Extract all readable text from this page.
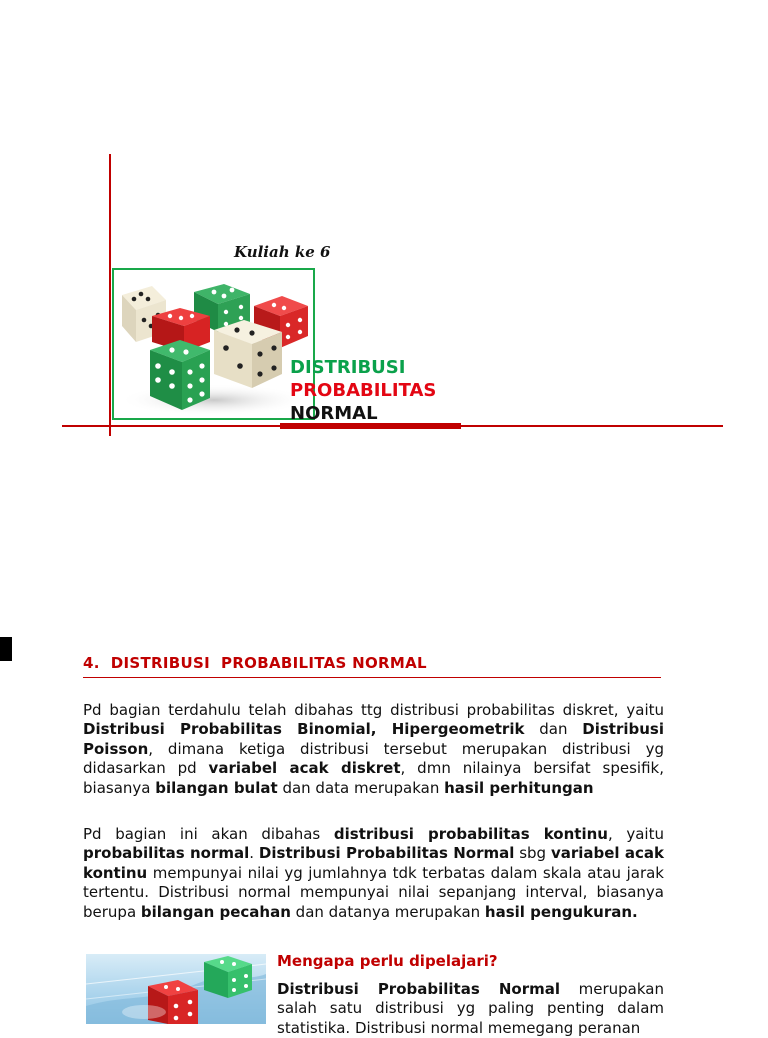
Kuliah ke 6
DISTRIBUSI
PROBABILITAS
NORMAL
4.  DISTRIBUSI  PROBABILITAS NORMAL
Pd bagian terdahulu telah dibahas ttg distribusi probabilitas diskret, yaitu Distribusi Probabilitas Binomial, Hipergeometrik dan Distribusi Poisson, dimana ketiga distribusi tersebut merupakan distribusi yg didasarkan pd variabel acak diskret, dmn nilainya bersifat spesifik, biasanya bilangan bulat dan data merupakan hasil perhitungan
Pd bagian ini akan dibahas distribusi probabilitas kontinu, yaitu probabilitas normal. Distribusi Probabilitas Normal sbg variabel acak kontinu mempunyai nilai yg jumlahnya tdk terbatas dalam skala atau jarak tertentu. Distribusi normal mempunyai nilai sepanjang interval, biasanya berupa bilangan pecahan dan datanya merupakan hasil pengukuran.
Mengapa perlu dipelajari?
Distribusi Probabilitas Normal merupakan salah satu distribusi yg paling penting dalam statistika. Distribusi normal memegang peranan
